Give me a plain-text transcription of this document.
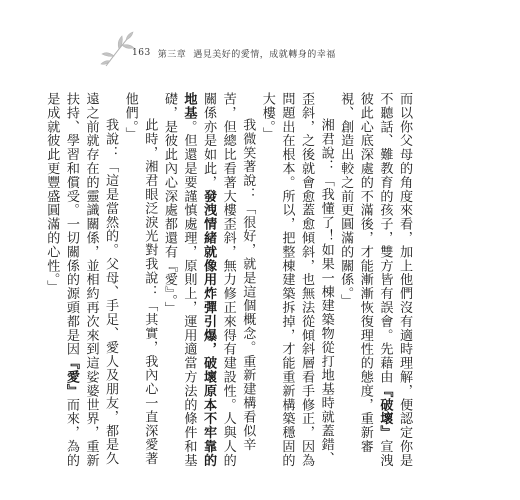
163 第三章 遇見美好的愛情，成就轉身的幸福

而以你父母的角度來看，加上他們沒有適時理解，便認定你是不聽話、難教育的孩子，雙方皆有誤會。先藉由『破壞』宣洩彼此心底深處的不滿後，才能漸漸恢復理性的態度，重新審視、創造出較之前更圓滿的關係。」

湘君說：「我懂了！如果一棟建築物從打地基時就蓋錯、歪斜，之後就會愈蓋愈傾斜，也無法從傾斜層看手修正，因為問題出在根本。所以，把整棟建築拆掉，才能重新構築穩固的大樓。」

我微笑著說：「很好，就是這個概念。重新建構看似辛苦，但總比看著大樓歪斜，無力修正來得有建設性。人與人的關係亦是如此，發洩情緒就像用炸彈引爆，破壞原本不牢靠的地基。但還是要謹慎處理，原則上，運用適當方法的條件和基礎，是彼此內心深處都還有『愛』。」

此時，湘君眼泛淚光對我說：「其實，我內心一直深愛著他們。」

我說：「這是當然的。父母、手足、愛人及朋友，都是久遠之前就存在的靈識關係，並相約再次來到這娑婆世界，重新扶持、學習和償受。一切關係的源頭都是因『愛』而來，為的是成就彼此更豐盛圓滿的心性。」
